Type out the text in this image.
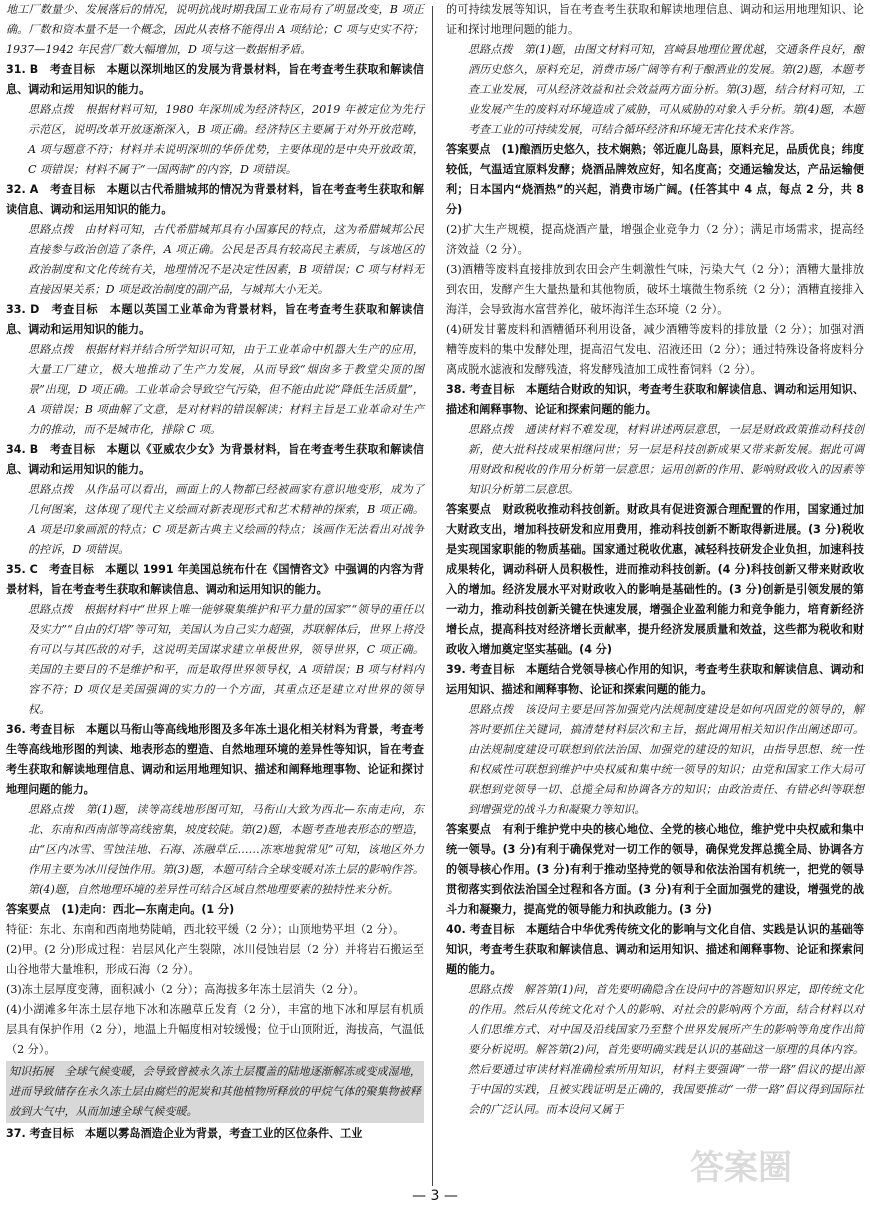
地工厂数量少、发展落后的情况，说明抗战时期我国工业布局有了明显改变，B 项正确。厂数和资本量不是一个概念，因此从表格不能得出 A 项结论；C 项与史实不符；1937—1942 年民营厂数大幅增加，D 项与这一数据相矛盾。

31. B　考查目标　本题以深圳地区的发展为背景材料，旨在考查考生获取和解读信息、调动和运用知识的能力。

思路点拨　根据材料可知，1980 年深圳成为经济特区，2019 年被定位为先行示范区，说明改革开放逐渐深入，B 项正确。经济特区主要属于对外开放范畴，A 项与题意不符；材料并未说明深圳的华侨优势，主要体现的是中央开放政策，C 项错误；材料不属于“一国两制”的内容，D 项错误。

32. A　考查目标　本题以古代希腊城邦的情况为背景材料，旨在考查考生获取和解读信息、调动和运用知识的能力。

思路点拨　由材料可知，古代希腊城邦具有小国寡民的特点，这为希腊城邦公民直接参与政治创造了条件，A 项正确。公民是否具有较高民主素质，与该地区的政治制度和文化传统有关，地理情况不是决定性因素，B 项错误；C 项与材料无直接因果关系；D 项是政治制度的副产品，与城邦大小无关。

33. D　考查目标　本题以英国工业革命为背景材料，旨在考查考生获取和解读信息、调动和运用知识的能力。

思路点拨　根据材料并结合所学知识可知，由于工业革命中机器大生产的应用，大量工厂建立，极大地推动了生产力发展，从而导致“烟囱多于教堂尖顶的图景”出现，D 项正确。工业革命会导致空气污染，但不能由此说“降低生活质量”，A 项错误；B 项曲解了文意，是对材料的错误解读；材料主旨是工业革命对生产力的推动，而不是城市化，排除 C 项。

34. B　考查目标　本题以《亚威农少女》为背景材料，旨在考查考生获取和解读信息、调动和运用知识的能力。

思路点拨　从作品可以看出，画面上的人物都已经被画家有意识地变形，成为了几何图案，这体现了现代主义绘画对新表现形式和艺术精神的探索，B 项正确。A 项是印象画派的特点；C 项是新古典主义绘画的特点；该画作无法看出对战争的控诉，D 项错误。

35. C　考查目标　本题以 1991 年美国总统布什在《国情咨文》中强调的内容为背景材料，旨在考查考生获取和解读信息、调动和运用知识的能力。

思路点拨　根据材料中“世界上唯一能够聚集维护和平力量的国家”“领导的重任以及实力”“自由的灯塔”等可知，美国认为自己实力超强，苏联解体后，世界上将没有可以与其匹敌的对手，这说明美国谋求建立单极世界，领导世界，C 项正确。美国的主要目的不是维护和平，而是取得世界领导权，A 项错误；B 项与材料内容不符；D 项仅是美国强调的实力的一个方面，其重点还是建立对世界的领导权。

36. 考查目标　本题以马衔山等高线地形图及多年冻土退化相关材料为背景，考查考生等高线地形图的判读、地表形态的塑造、自然地理环境的差异性等知识，旨在考查考生获取和解读地理信息、调动和运用地理知识、描述和阐释地理事物、论证和探讨地理问题的能力。

思路点拨　第(1)题，读等高线地形图可知，马衔山大致为西北—东南走向，东北、东南和西南部等高线密集，坡度较陡。第(2)题，本题考查地表形态的塑造，由“区内冰雪、雪蚀洼地、石海、冻融草丘……冻寒地貌常见”可知，该地区外力作用主要为冰川侵蚀作用。第(3)题，本题可结合全球变暖对冻土层的影响作答。第(4)题，自然地理环境的差异性可结合区域自然地理要素的独特性来分析。

答案要点　(1)走向：西北—东南走向。(1 分)

特征：东北、东南和西南地势陡峭，西北较平缓（2 分）；山顶地势平坦（2 分）。

(2)甲。(2 分)形成过程：岩层风化产生裂隙，冰川侵蚀岩层（2 分）并将岩石搬运至山谷地带大量堆积，形成石海（2 分）。

(3)冻土层厚度变薄，面积减小（2 分）；高海拔多年冻土层消失（2 分）。

(4)小湖滩多年冻土层存地下冰和冻融草丘发育（2 分），丰富的地下冰和厚层有机质层具有保护作用（2 分），地温上升幅度相对较缓慢；位于山顶附近，海拔高，气温低（2 分）。

知识拓展　全球气候变暖，会导致曾被永久冻土层覆盖的陆地逐渐解冻或变成湿地，进而导致储存在永久冻土层由腐烂的泥炭和其他植物所释放的甲烷气体的聚集物被释放到大气中，从而加速全球气候变暖。

37. 考查目标　本题以雾岛酒造企业为背景，考查工业的区位条件、工业

的可持续发展等知识，旨在考查考生获取和解读地理信息、调动和运用地理知识、论证和探讨地理问题的能力。

思路点拨　第(1)题，由图文材料可知，宫崎县地理位置优越，交通条件良好，酿酒历史悠久，原料充足，消费市场广阔等有利于酿酒业的发展。第(2)题，本题考查工业发展，可从经济效益和社会效益两方面分析。第(3)题，结合材料可知，工业发展产生的废料对环境造成了威胁，可从威胁的对象入手分析。第(4)题，本题考查工业的可持续发展，可结合循环经济和环境无害化技术来作答。

答案要点　(1)酿酒历史悠久，技术娴熟；邻近鹿儿岛县，原料充足，品质优良；纬度较低，气温适宜原料发酵；烧酒品牌效应好，知名度高；交通运输发达，产品运输便利；日本国内“烧酒热”的兴起，消费市场广阔。(任答其中 4 点，每点 2 分，共 8 分)

(2)扩大生产规模，提高烧酒产量，增强企业竞争力（2 分）；满足市场需求，提高经济效益（2 分）。

(3)酒糟等废料直接排放到农田会产生刺激性气味，污染大气（2 分）；酒糟大量排放到农田，发酵产生大量热量和其他物质，破坏土壤微生物系统（2 分）；酒糟直接排入海洋，会导致海水富营养化，破坏海洋生态环境（2 分）。

(4)研发甘薯废料和酒糟循环利用设备，减少酒糟等废料的排放量（2 分）；加强对酒糟等废料的集中发酵处理，提高沼气发电、沼液还田（2 分）；通过特殊设备将废料分离成脱水滤液和发酵残渣，将发酵残渣加工成牲畜饲料（2 分）。

38. 考查目标　本题结合财政的知识，考查考生获取和解读信息、调动和运用知识、描述和阐释事物、论证和探索问题的能力。

思路点拨　通读材料不难发现，材料讲述两层意思，一层是财政政策推动科技创新，使大批科技成果相继问世；另一层是科技创新成果又带来新发展。据此可调用财政和税收的作用分析第一层意思；运用创新的作用、影响财政收入的因素等知识分析第二层意思。

答案要点　财政税收推动科技创新。财政具有促进资源合理配置的作用，国家通过加大财政支出，增加科技研发和应用费用，推动科技创新不断取得新进展。(3 分)税收是实现国家职能的物质基础。国家通过税收优惠，减轻科技研发企业负担，加速科技成果转化，调动科研人员积极性，进而推动科技创新。(4 分)科技创新又带来财政收入的增加。经济发展水平对财政收入的影响是基础性的。(3 分)创新是引领发展的第一动力，推动科技创新关键在快速发展，增强企业盈利能力和竞争能力，培育新经济增长点，提高科技对经济增长贡献率，提升经济发展质量和效益，这些都为税收和财政收入增加奠定坚实基础。(4 分)

39. 考查目标　本题结合党领导核心作用的知识，考查考生获取和解读信息、调动和运用知识、描述和阐释事物、论证和探索问题的能力。

思路点拨　该设问主要是回答加强党内法规制度建设是如何巩固党的领导的，解答时要抓住关键词，搞清楚材料层次和主旨，据此调用相关知识作出阐述即可。由法规制度建设可联想到依法治国、加强党的建设的知识，由指导思想、统一性和权威性可联想到维护中央权威和集中统一领导的知识；由党和国家工作大局可联想到党领导一切、总揽全局和协调各方的知识；由政治责任、有错必纠等联想到增强党的战斗力和凝聚力等知识。

答案要点　有利于维护党中央的核心地位、全党的核心地位，维护党中央权威和集中统一领导。(3 分)有利于确保党对一切工作的领导，确保党发挥总揽全局、协调各方的领导核心作用。(3 分)有利于推动坚持党的领导和依法治国有机统一，把党的领导贯彻落实到依法治国全过程和各方面。(3 分)有利于全面加强党的建设，增强党的战斗力和凝聚力，提高党的领导能力和执政能力。(3 分)

40. 考查目标　本题结合中华优秀传统文化的影响与文化自信、实践是认识的基础等知识，考查考生获取和解读信息、调动和运用知识、描述和阐释事物、论证和探索问题的能力。

思路点拨　解答第(1)问，首先要明确隐含在设问中的答题知识界定，即传统文化的作用。然后从传统文化对个人的影响、对社会的影响两个方面，结合材料以对人们思维方式、对中国及沿线国家乃至整个世界发展所产生的影响等角度作出简要分析说明。解答第(2)问，首先要明确实践是认识的基础这一原理的具体内容。然后要通过审读材料准确检索所用知识，材料主要强调“一带一路”倡议的提出源于中国的实践，且被实践证明是正确的，我国要推动“一带一路”倡议得到国际社会的广泛认同。而本设问又属于

答案圈
— 3 —
